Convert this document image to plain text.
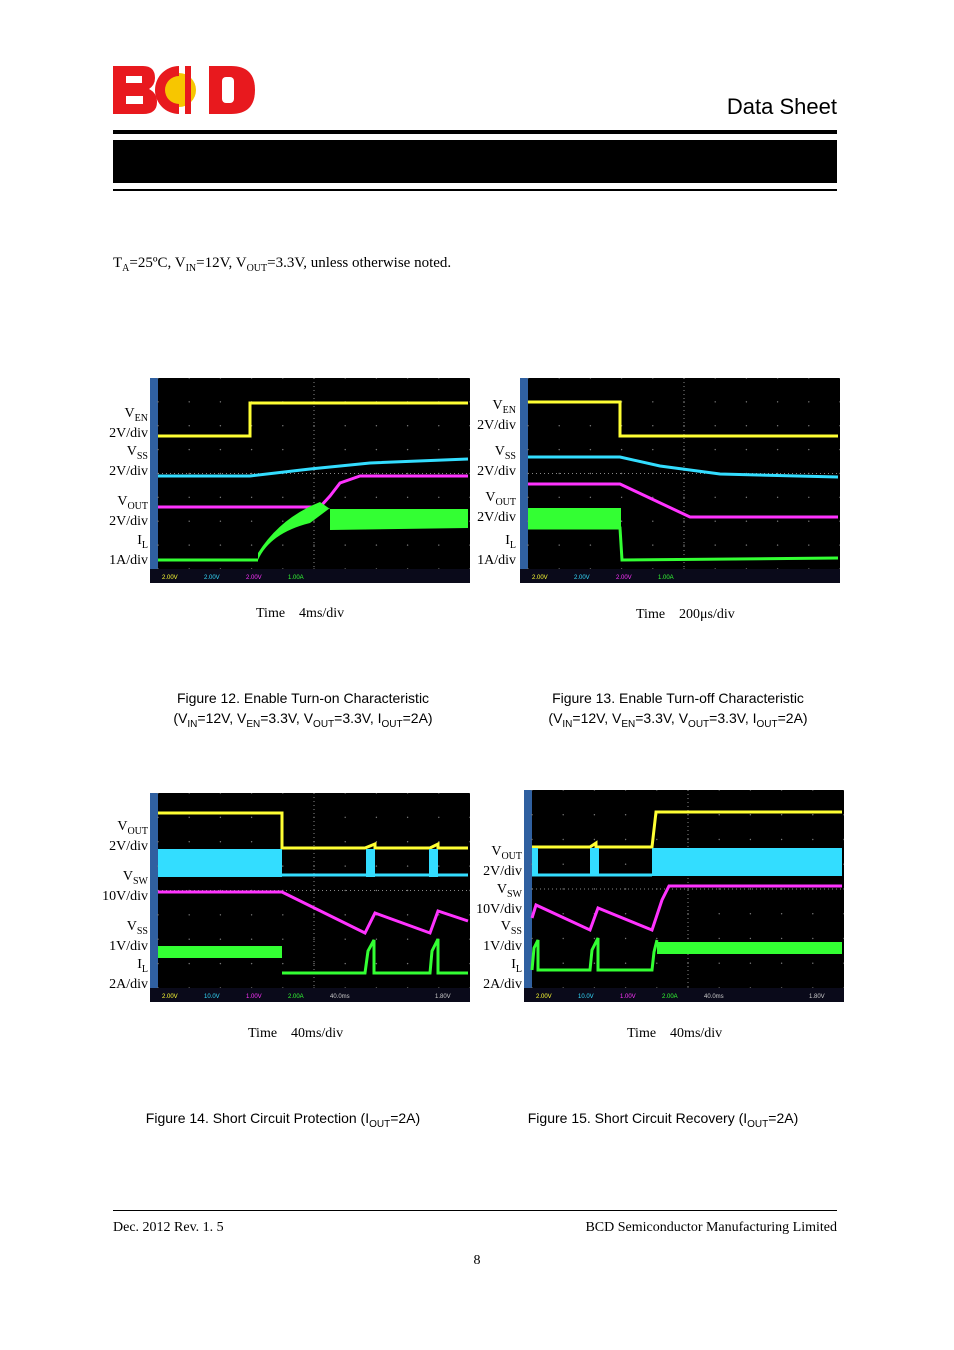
Data Sheet
$T_A=25ºC$, $V_{IN}=12V$, $V_{OUT}=3.3V$, unless otherwise noted.
2.00V	2.00V	2.00V	1.00A
$V_{EN}$
2V/div
$V_{SS}$
2V/div
$V_{OUT}$
2V/div
$I_L$
1A/div
Time    4ms/div
Figure 12. Enable Turn-on Characteristic
($V_{IN}=12V$, $V_{EN}=3.3V$, $V_{OUT}=3.3V$, $I_{OUT}=2A$)
2.00V	2.00V	2.00V	1.00A
$V_{EN}$
2V/div
$V_{SS}$
2V/div
$V_{OUT}$
2V/div
$I_L$
1A/div
Time    200μs/div
Figure 13. Enable Turn-off Characteristic
($V_{IN}=12V$, $V_{EN}=3.3V$, $V_{OUT}=3.3V$, $I_{OUT}=2A$)
2.00V	10.0V	1.00V	2.00A	40.0ms	1.80V
$V_{OUT}$
2V/div
$V_{SW}$
10V/div
$V_{SS}$
1V/div
$I_L$
2A/div
Time    40ms/div
Figure 14. Short Circuit Protection $(I_{OUT}=2A)$
2.00V	10.0V	1.00V	2.00A	40.0ms	1.80V
$V_{OUT}$
2V/div
$V_{SW}$
10V/div
$V_{SS}$
1V/div
$I_L$
2A/div
Time    40ms/div
Figure 15. Short Circuit Recovery $(I_{OUT}=2A)$
Dec. 2012 Rev. 1. 5	BCD Semiconductor Manufacturing Limited
8
